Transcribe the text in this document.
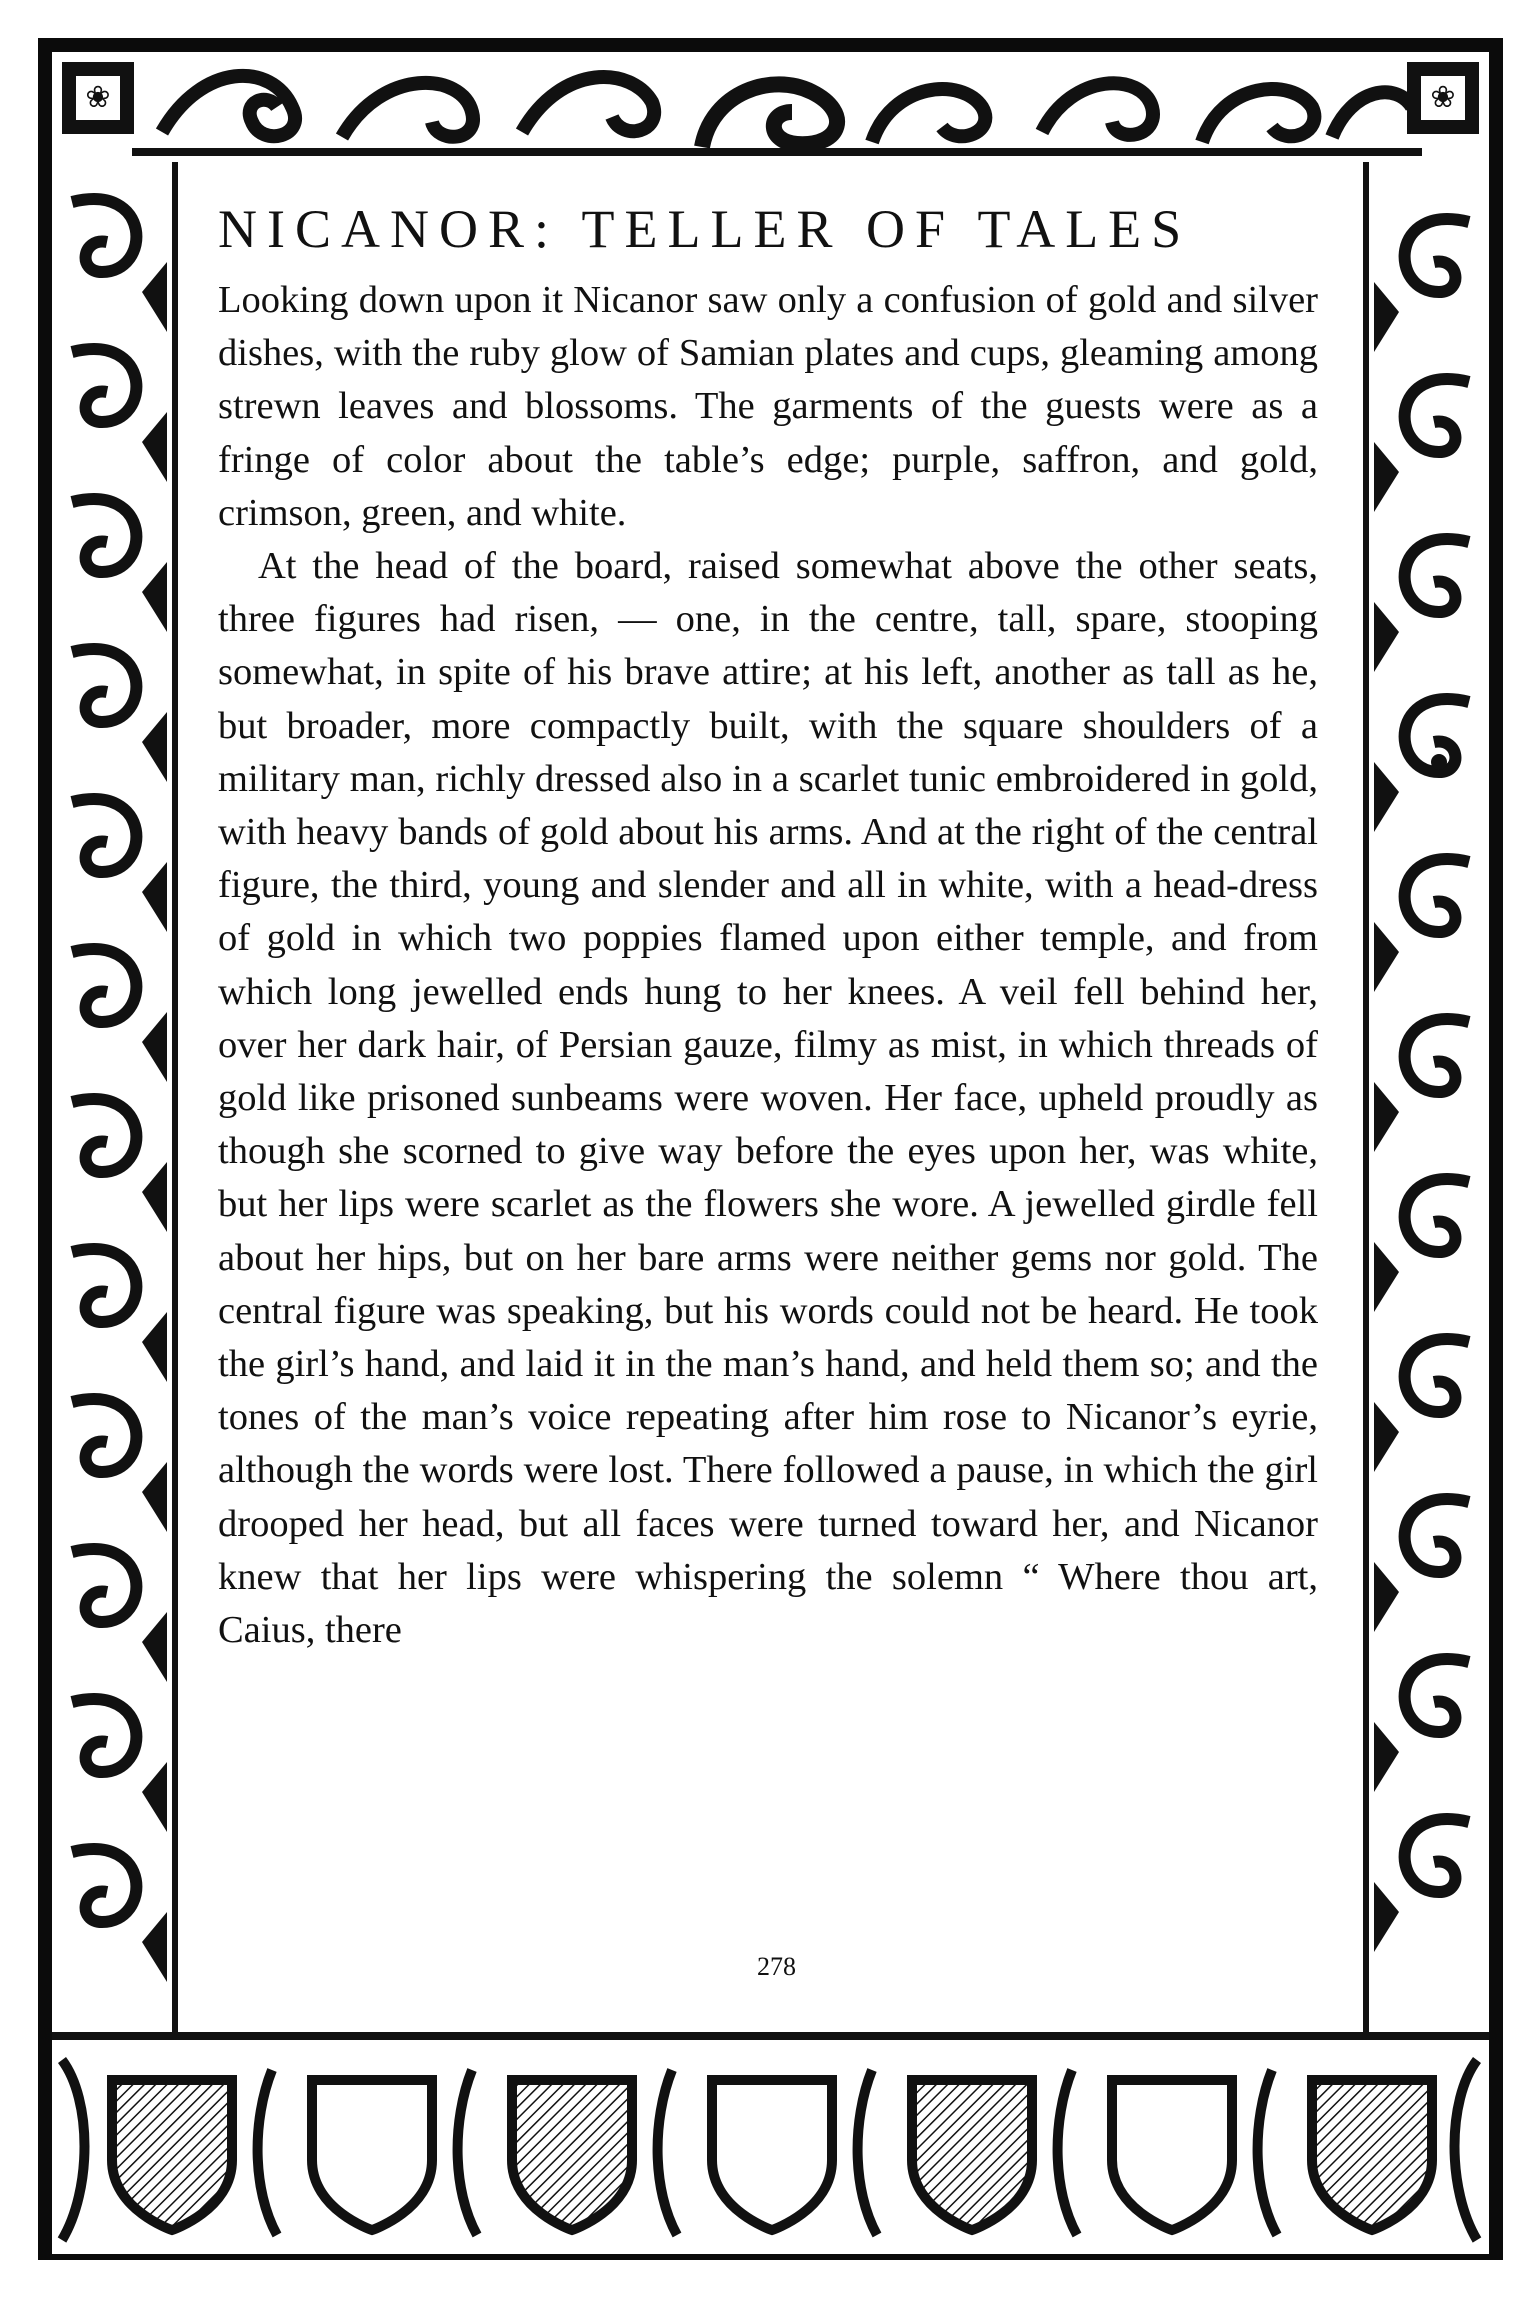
❀	❀
NICANOR: TELLER OF TALES

Looking down upon it Nicanor saw only a confusion of gold and silver dishes, with the ruby glow of Samian plates and cups, gleaming among strewn leaves and blossoms. The garments of the guests were as a fringe of color about the table’s edge; purple, saffron, and gold, crimson, green, and white.

At the head of the board, raised somewhat above the other seats, three figures had risen, — one, in the centre, tall, spare, stooping somewhat, in spite of his brave attire; at his left, another as tall as he, but broader, more compactly built, with the square shoulders of a military man, richly dressed also in a scarlet tunic embroidered in gold, with heavy bands of gold about his arms. And at the right of the central figure, the third, young and slender and all in white, with a head-dress of gold in which two poppies flamed upon either temple, and from which long jewelled ends hung to her knees. A veil fell behind her, over her dark hair, of Persian gauze, filmy as mist, in which threads of gold like prisoned sunbeams were woven. Her face, upheld proudly as though she scorned to give way before the eyes upon her, was white, but her lips were scarlet as the flowers she wore. A jewelled girdle fell about her hips, but on her bare arms were neither gems nor gold. The central figure was speaking, but his words could not be heard. He took the girl’s hand, and laid it in the man’s hand, and held them so; and the tones of the man’s voice repeating after him rose to Nicanor’s eyrie, although the words were lost. There followed a pause, in which the girl drooped her head, but all faces were turned toward her, and Nicanor knew that her lips were whispering the solemn “ Where thou art, Caius, there

278
